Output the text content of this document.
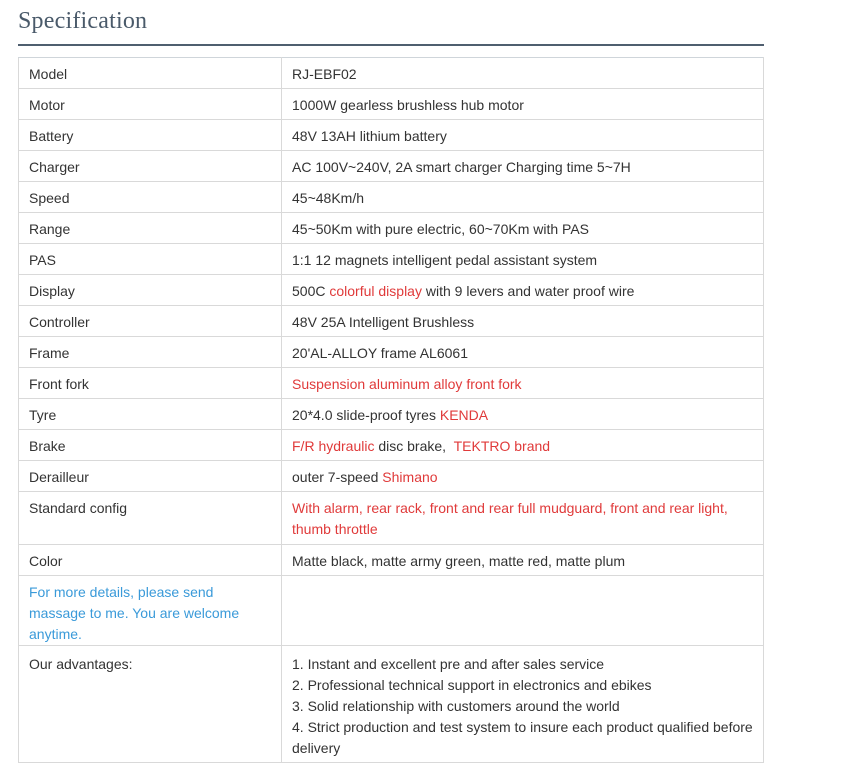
Specification
Model	RJ-EBF02
Motor	1000W gearless brushless hub motor
Battery	48V 13AH lithium battery
Charger	AC 100V~240V, 2A smart charger Charging time 5~7H
Speed	45~48Km/h
Range	45~50Km with pure electric, 60~70Km with PAS
PAS	1:1 12 magnets intelligent pedal assistant system
Display	500C colorful display with 9 levers and water proof wire
Controller	48V 25A Intelligent Brushless
Frame	20'AL-ALLOY frame AL6061
Front fork	Suspension aluminum alloy front fork
Tyre	20*4.0 slide-proof tyres KENDA
Brake	F/R hydraulic disc brake,  TEKTRO brand
Derailleur	outer 7-speed Shimano
Standard config	With alarm, rear rack, front and rear full mudguard, front and rear light, thumb throttle
Color	Matte black, matte army green, matte red, matte plum
For more details, please send massage to me. You are welcome anytime.	
Our advantages:	1. Instant and excellent pre and after sales service
2. Professional technical support in electronics and ebikes
3. Solid relationship with customers around the world
4. Strict production and test system to insure each product qualified before delivery
